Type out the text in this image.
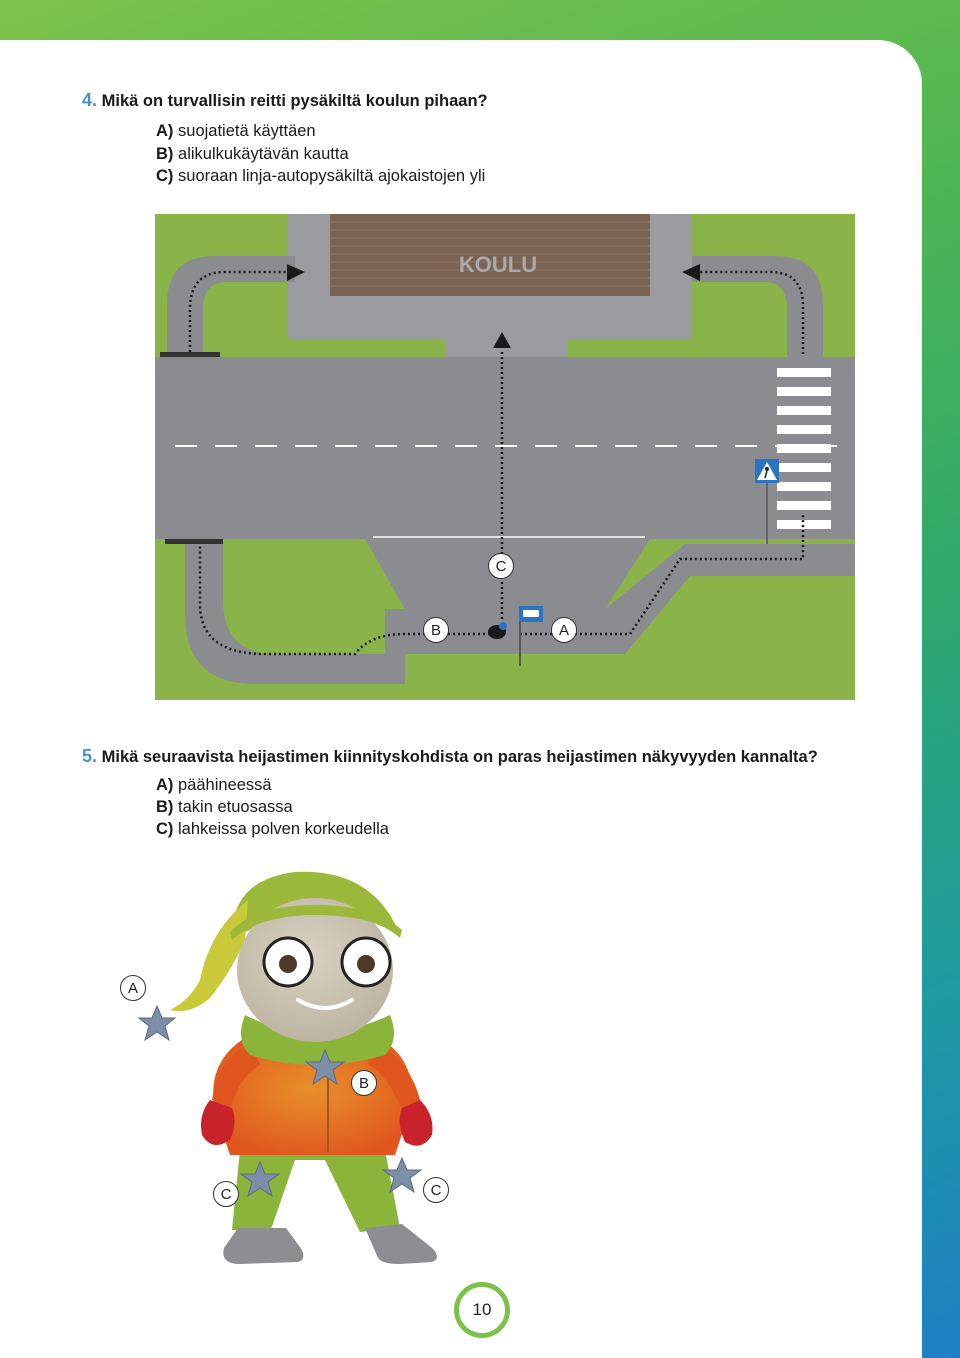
4. Mikä on turvallisin reitti pysäkiltä koulun pihaan?
A) suojatietä käyttäen
B) alikulkukäytävän kautta
C) suoraan linja-autopysäkiltä ajokaistojen yli
KOULU
C
B	A
5. Mikä seuraavista heijastimen kiinnityskohdista on paras heijastimen näkyvyyden kannalta?
A) päähineessä
B) takin etuosassa
C) lahkeissa polven korkeudella
A
B
C	C
10
